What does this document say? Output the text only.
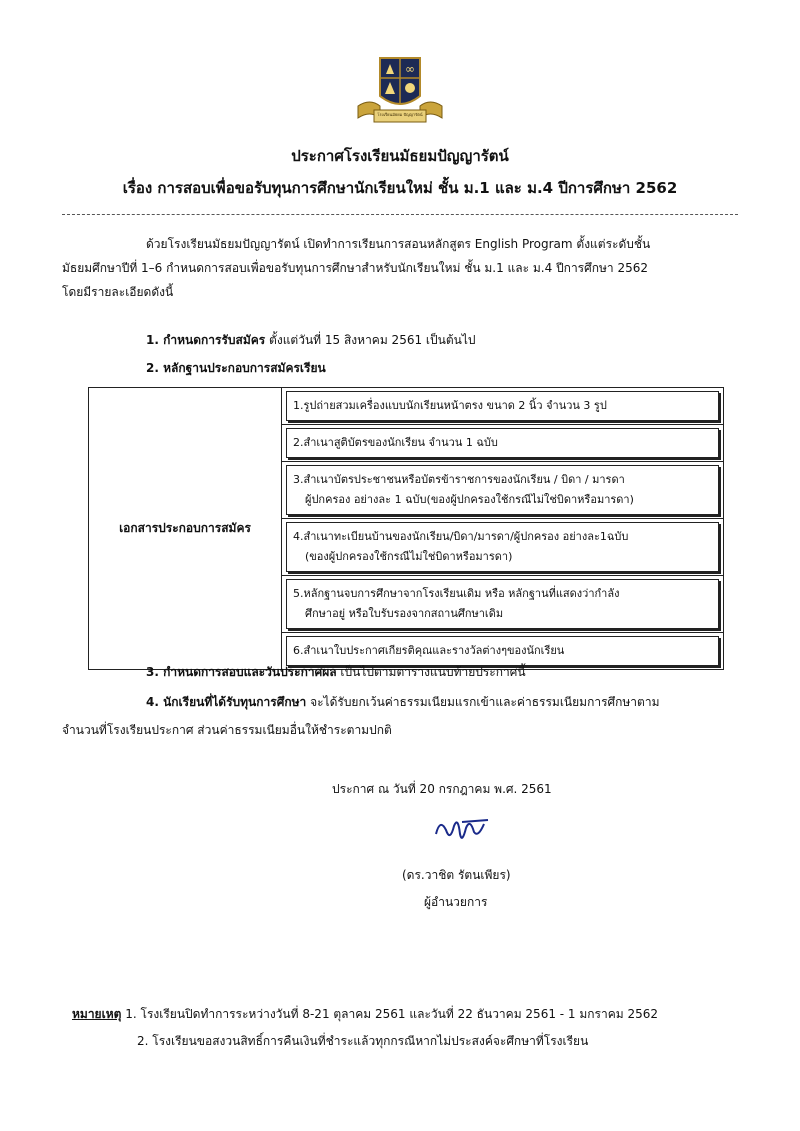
∞
โรงเรียนมัธยม ปัญญารัตน์
ประกาศโรงเรียนมัธยมปัญญารัตน์
เรื่อง การสอบเพื่อขอรับทุนการศึกษานักเรียนใหม่ ชั้น ม.1 และ ม.4 ปีการศึกษา 2562
ด้วยโรงเรียนมัธยมปัญญารัตน์ เปิดทำการเรียนการสอนหลักสูตร English Program ตั้งแต่ระดับชั้น
มัธยมศึกษาปีที่ 1–6 กำหนดการสอบเพื่อขอรับทุนการศึกษาสำหรับนักเรียนใหม่ ชั้น ม.1 และ ม.4 ปีการศึกษา 2562
โดยมีรายละเอียดดังนี้
1. กำหนดการรับสมัคร ตั้งแต่วันที่ 15 สิงหาคม 2561 เป็นต้นไป
2. หลักฐานประกอบการสมัครเรียน
เอกสารประกอบการสมัคร	
1.รูปถ่ายสวมเครื่องแบบนักเรียนหน้าตรง ขนาด 2 นิ้ว จำนวน 3 รูป

2.สำเนาสูติบัตรของนักเรียน จำนวน 1 ฉบับ

3.สำเนาบัตรประชาชนหรือบัตรข้าราชการของนักเรียน / บิดา / มารดา
ผู้ปกครอง อย่างละ 1 ฉบับ(ของผู้ปกครองใช้กรณีไม่ใช่บิดาหรือมารดา)

4.สำเนาทะเบียนบ้านของนักเรียน/บิดา/มารดา/ผู้ปกครอง อย่างละ1ฉบับ
(ของผู้ปกครองใช้กรณีไม่ใช่บิดาหรือมารดา)

5.หลักฐานจบการศึกษาจากโรงเรียนเดิม หรือ หลักฐานที่แสดงว่ากำลัง
ศึกษาอยู่ หรือใบรับรองจากสถานศึกษาเดิม

6.สำเนาใบประกาศเกียรติคุณและรางวัลต่างๆของนักเรียน
3. กำหนดการสอบและวันประกาศผล เป็นไปตามตารางแนบท้ายประกาศนี้
4. นักเรียนที่ได้รับทุนการศึกษา จะได้รับยกเว้นค่าธรรมเนียมแรกเข้าและค่าธรรมเนียมการศึกษาตาม
จำนวนที่โรงเรียนประกาศ ส่วนค่าธรรมเนียมอื่นให้ชำระตามปกติ
ประกาศ ณ วันที่ 20 กรกฎาคม พ.ศ. 2561
(ดร.วาชิต รัตนเพียร)
ผู้อำนวยการ
หมายเหตุ 1. โรงเรียนปิดทำการระหว่างวันที่ 8-21 ตุลาคม 2561 และวันที่ 22 ธันวาคม 2561 - 1 มกราคม 2562
2. โรงเรียนขอสงวนสิทธิ์การคืนเงินที่ชำระแล้วทุกกรณีหากไม่ประสงค์จะศึกษาที่โรงเรียน
